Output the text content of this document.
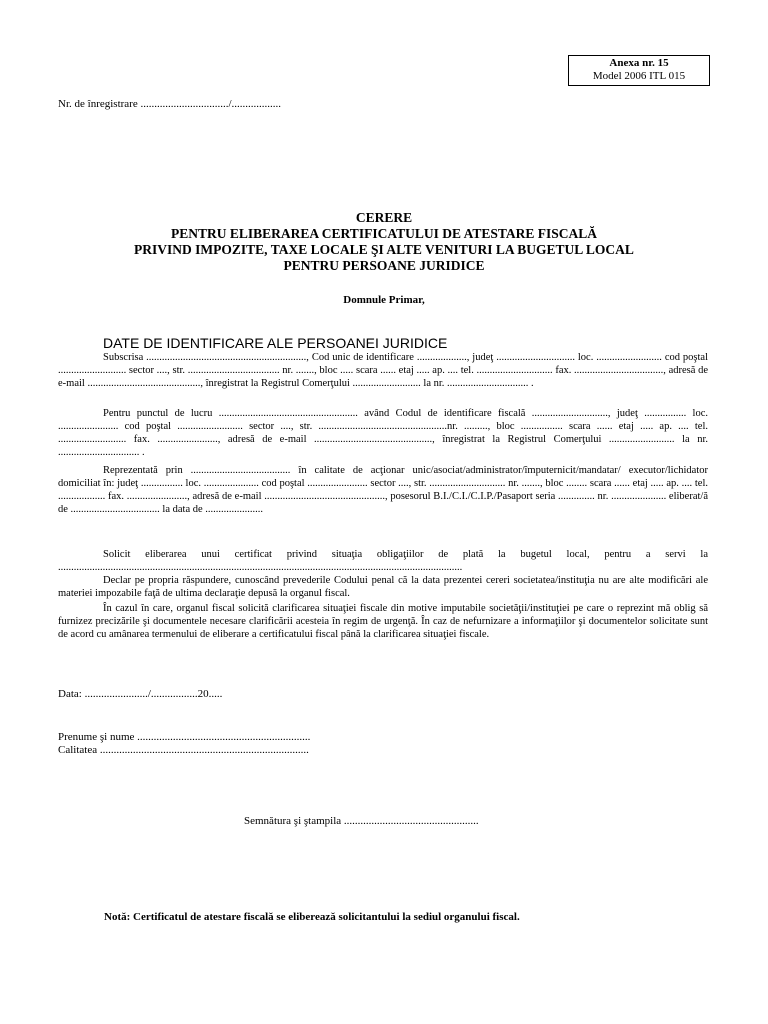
Anexa nr. 15
Model 2006 ITL 015
Nr. de înregistrare ................................/..................
CERERE
PENTRU ELIBERAREA CERTIFICATULUI DE ATESTARE FISCALĂ
PRIVIND IMPOZITE, TAXE LOCALE ŞI ALTE VENITURI LA BUGETUL LOCAL
PENTRU PERSOANE JURIDICE
Domnule Primar,
DATE DE IDENTIFICARE ALE PERSOANEI JURIDICE

Subscrisa ............................................................., Cod unic de identificare ..................., judeţ .............................. loc. ......................... cod poştal .......................... sector ...., str. ................................... nr. ......., bloc ..... scara ...... etaj ..... ap. .... tel. ............................. fax. .................................., adresă de e-mail ..........................................., înregistrat la Registrul Comerţului .......................... la nr. ............................... .

Pentru punctul de lucru ..................................................... având Codul de identificare fiscală ............................., judeţ ................ loc. ....................... cod poştal ......................... sector ...., str. .................................................nr. ........., bloc ................ scara ...... etaj ..... ap. .... tel. .......................... fax. ......................., adresă de e-mail ............................................., înregistrat la Registrul Comerţului ......................... la nr. ............................... .

Reprezentată prin ...................................... în calitate de acţionar unic/asociat/administrator/împuternicit/mandatar/ executor/lichidator domiciliat în: judeţ ................ loc. ..................... cod poştal ....................... sector ...., str. ............................. nr. ......., bloc ........ scara ...... etaj ..... ap. .... tel. .................. fax. ......................., adresă de e-mail .............................................., posesorul B.I./C.I./C.I.P./Pasaport seria .............. nr. ..................... eliberat/ă de .................................. la data de ......................

Solicit eliberarea unui certificat privind situaţia obligaţiilor de plată la bugetul local, pentru a servi la ..........................................................................................................................................................

Declar pe propria răspundere, cunoscând prevederile Codului penal că la data prezentei cereri societatea/instituţia nu are alte modificări ale materiei impozabile faţă de ultima declaraţie depusă la organul fiscal.

În cazul în care, organul fiscal solicită clarificarea situaţiei fiscale din motive imputabile societăţii/instituţiei pe care o reprezint mă oblig să furnizez precizările şi documentele necesare clarificării acesteia în regim de urgenţă. În caz de nefurnizare a informaţiilor şi documentelor solicitate sunt de acord cu amânarea termenului de eliberare a certificatului fiscal până la clarificarea situaţiei fiscale.

Data: ......................./.................20.....
Prenume şi nume ...............................................................
Calitatea ............................................................................
Semnătura şi ştampila .................................................
Notă: Certificatul de atestare fiscală se eliberează solicitantului la sediul organului fiscal.
